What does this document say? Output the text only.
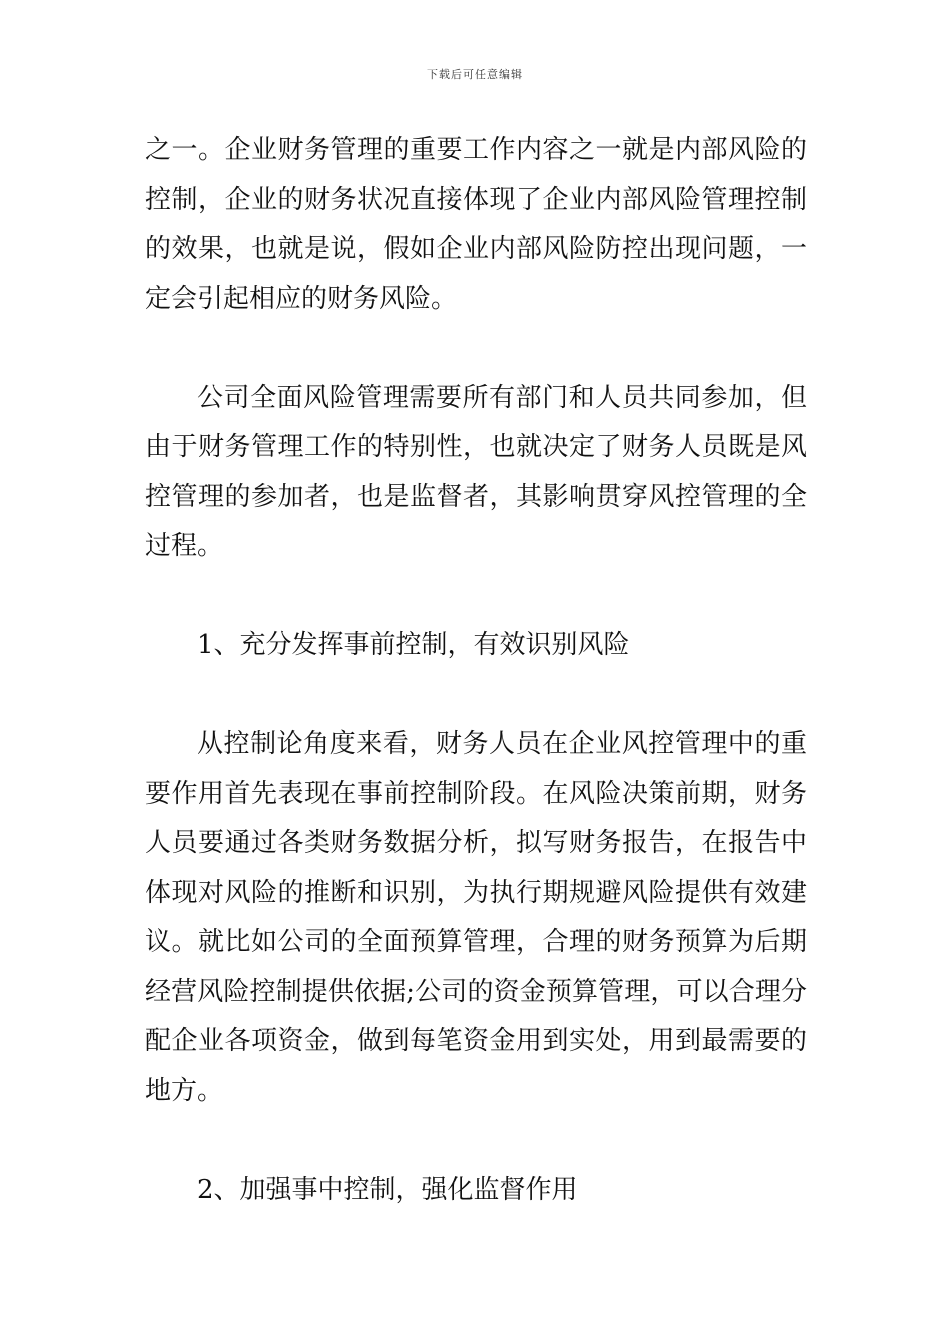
下载后可任意编辑

之一。企业财务管理的重要工作内容之一就是内部风险的控制，企业的财务状况直接体现了企业内部风险管理控制的效果，也就是说，假如企业内部风险防控出现问题，一定会引起相应的财务风险。

公司全面风险管理需要所有部门和人员共同参加，但由于财务管理工作的特别性，也就决定了财务人员既是风控管理的参加者，也是监督者，其影响贯穿风控管理的全过程。

1、充分发挥事前控制，有效识别风险

从控制论角度来看，财务人员在企业风控管理中的重要作用首先表现在事前控制阶段。在风险决策前期，财务人员要通过各类财务数据分析，拟写财务报告，在报告中体现对风险的推断和识别，为执行期规避风险提供有效建议。就比如公司的全面预算管理，合理的财务预算为后期经营风险控制提供依据;公司的资金预算管理，可以合理分配企业各项资金，做到每笔资金用到实处，用到最需要的地方。

2、加强事中控制，强化监督作用
